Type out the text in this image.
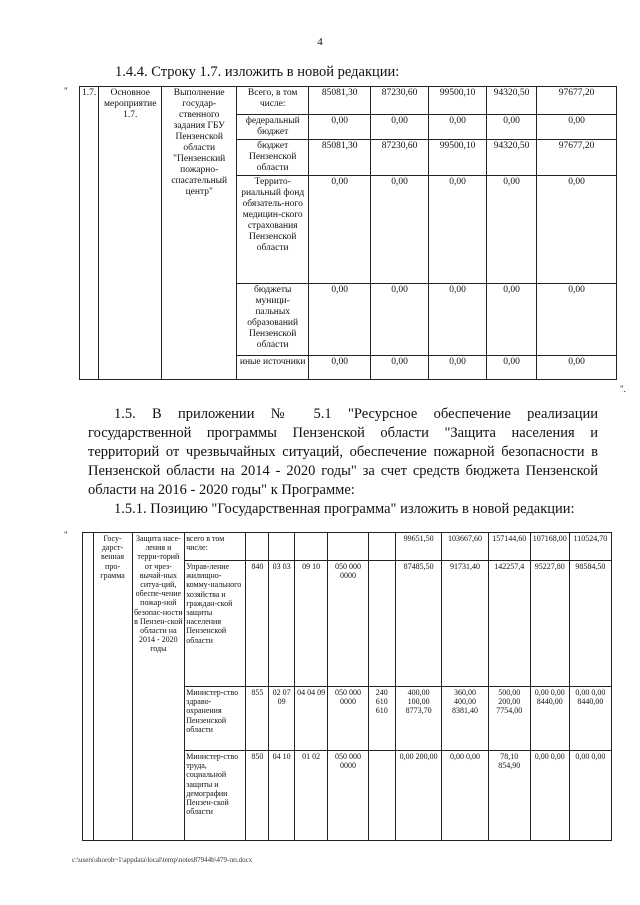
4
1.4.4. Строку 1.7. изложить в новой редакции:
" 1.7.	Основное мероприятие 1.7.	Выполнение государ-ственного задания ГБУ Пензенской области "Пензенский пожарно-спасательный центр"	Всего, в том числе:	85081,30	87230,60	99500,10	94320,50	97677,20
			федеральный бюджет	0,00	0,00	0,00	0,00	0,00
			бюджет Пензенской области	85081,30	87230,60	99500,10	94320,50	97677,20
			Террито-риальный фонд обязатель-ного медицин-ского страхования Пензенской области	0,00	0,00	0,00	0,00	0,00
			бюджеты муници-пальных образований Пензенской области	0,00	0,00	0,00	0,00	0,00
			иные источники	0,00	0,00	0,00	0,00	0,00
".

1.5. В приложении № 5.1 "Ресурсное обеспечение реализации государственной программы Пензенской области "Защита населения и территорий от чрезвычайных ситуаций, обеспечение пожарной безопасности в Пензенской области на 2014 - 2020 годы" за счет средств бюджета Пензенской области на 2016 - 2020 годы" к Программе:

1.5.1. Позицию "Государственная программа" изложить в новой редакции:

"
		Госу-дарст-венная про-грамма	Защита насе-ления и терри-торий от чрез-вычай-ных ситуа-ций, обеспе-чение пожар-ной безопас-ности в Пензен-ской области на 2014 - 2020 годы	всего в том числе:						99651,50	103667,60	157144,60	107168,00	110524,70
			Управ-ление жилищно-комму-нального хозяйства и граждан-ской защиты населения Пензенской области	840	03 03	09 10	050 000 0000		87485,50	91731,40	142257,4	95227,80	98584,50
			Министер-ство здраво-охранения Пензенской области	855	02 07 09	04 04 09	050 000 0000	240 610 610	400,00 100,00 8773,70	360,00 400,00 8381,40	500,00 200,00 7754,00	0,00 0,00 8440,00	0,00 0,00 8440,00
			Министер-ство труда, социальной защиты и демографии Пензен-ской области	850	04 10	01 02	050 000 0000		0,00 200,00	0,00 0,00	78,10 854,90	0,00 0,00	0,00 0,00
c:\users\shorob~1\appdata\local\temp\notes87944b\479-пп.docx
